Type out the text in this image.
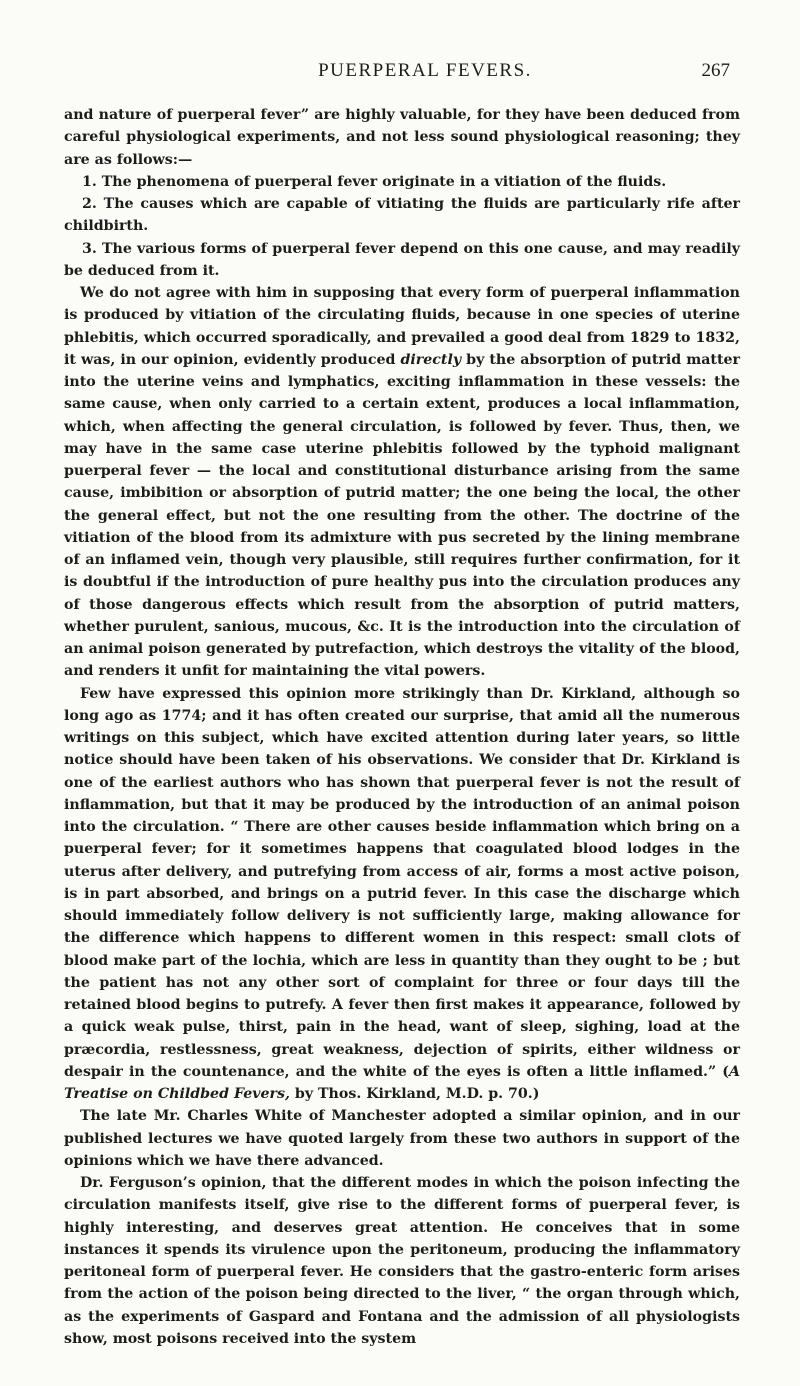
PUERPERAL FEVERS.	267

and nature of puerperal fever” are highly valuable, for they have been deduced from careful physiological experiments, and not less sound physiological reasoning; they are as follows:—

1. The phenomena of puerperal fever originate in a vitiation of the fluids.

2. The causes which are capable of vitiating the fluids are particularly rife after childbirth.

3. The various forms of puerperal fever depend on this one cause, and may readily be deduced from it.

We do not agree with him in supposing that every form of puerperal inflammation is produced by vitiation of the circulating fluids, because in one species of uterine phlebitis, which occurred sporadically, and prevailed a good deal from 1829 to 1832, it was, in our opinion, evidently produced directly by the absorption of putrid matter into the uterine veins and lymphatics, exciting inflammation in these vessels: the same cause, when only carried to a certain extent, produces a local inflammation, which, when affecting the general circulation, is followed by fever. Thus, then, we may have in the same case uterine phlebitis followed by the typhoid malignant puerperal fever — the local and constitutional disturbance arising from the same cause, imbibition or absorption of putrid matter; the one being the local, the other the general effect, but not the one resulting from the other. The doctrine of the vitiation of the blood from its admixture with pus secreted by the lining membrane of an inflamed vein, though very plausible, still requires further confirmation, for it is doubtful if the introduction of pure healthy pus into the circulation produces any of those dangerous effects which result from the absorption of putrid matters, whether purulent, sanious, mucous, &c. It is the introduction into the circulation of an animal poison generated by putrefaction, which destroys the vitality of the blood, and renders it unfit for maintaining the vital powers.

Few have expressed this opinion more strikingly than Dr. Kirkland, although so long ago as 1774; and it has often created our surprise, that amid all the numerous writings on this subject, which have excited attention during later years, so little notice should have been taken of his observations. We consider that Dr. Kirkland is one of the earliest authors who has shown that puerperal fever is not the result of inflammation, but that it may be produced by the introduction of an animal poison into the circulation. “ There are other causes beside inflammation which bring on a puerperal fever; for it sometimes happens that coagulated blood lodges in the uterus after delivery, and putrefying from access of air, forms a most active poison, is in part absorbed, and brings on a putrid fever. In this case the discharge which should immediately follow delivery is not sufficiently large, making allowance for the difference which happens to different women in this respect: small clots of blood make part of the lochia, which are less in quantity than they ought to be ; but the patient has not any other sort of complaint for three or four days till the retained blood begins to putrefy. A fever then first makes it appearance, followed by a quick weak pulse, thirst, pain in the head, want of sleep, sighing, load at the præcordia, restlessness, great weakness, dejection of spirits, either wildness or despair in the countenance, and the white of the eyes is often a little inflamed.” (A Treatise on Childbed Fevers, by Thos. Kirkland, M.D. p. 70.)

The late Mr. Charles White of Manchester adopted a similar opinion, and in our published lectures we have quoted largely from these two authors in support of the opinions which we have there advanced.

Dr. Ferguson’s opinion, that the different modes in which the poison infecting the circulation manifests itself, give rise to the different forms of puerperal fever, is highly interesting, and deserves great attention. He conceives that in some instances it spends its virulence upon the peritoneum, producing the inflammatory peritoneal form of puerperal fever. He considers that the gastro-enteric form arises from the action of the poison being directed to the liver, “ the organ through which, as the experiments of Gaspard and Fontana and the admission of all physiologists show, most poisons received into the system
